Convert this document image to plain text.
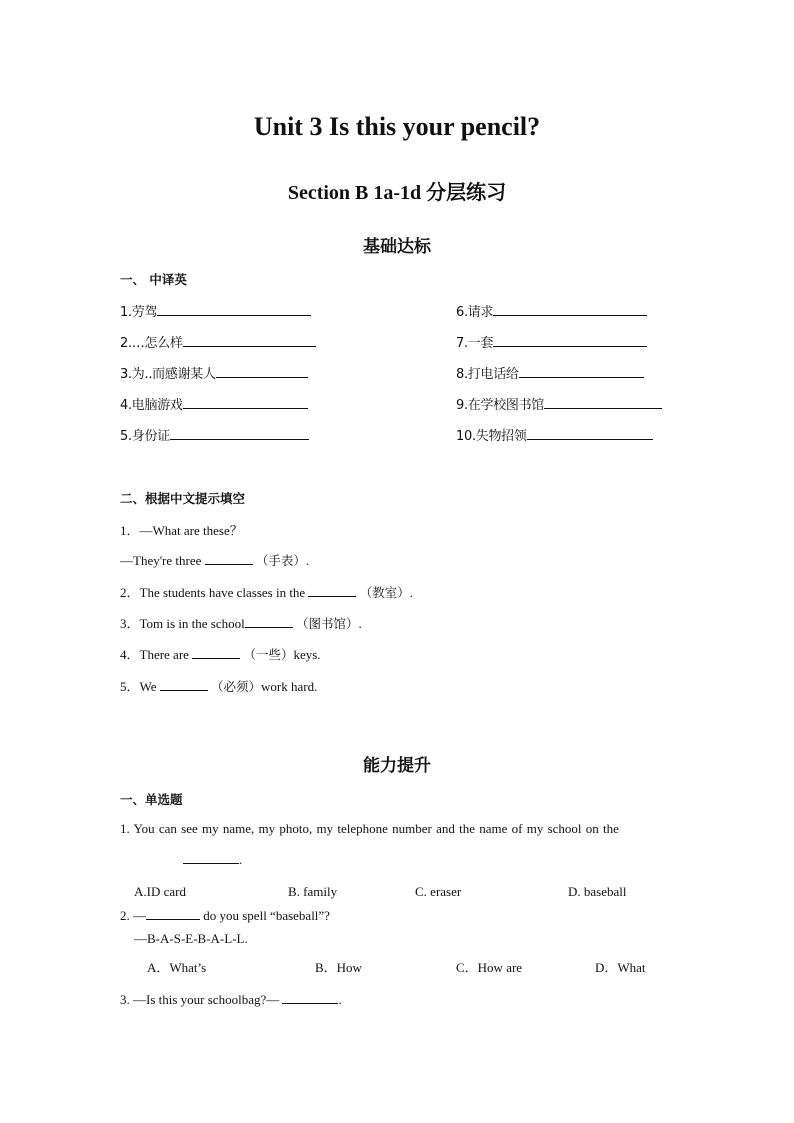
Unit 3 Is this your pencil?
Section B 1a-1d 分层练习
基础达标
一、 中译英
1.劳驾
2.…怎么样
3.为..而感谢某人
4.电脑游戏
5.身份证
6.请求
7.一套
8.打电话给
9.在学校图书馆
10.失物招领
二、根据中文提示填空
1．—What are these？
—They're three	（手表）.
2．The students have classes in the	（教室）.
3．Tom is in the school	（图书馆）.
4．There are	（一些）keys.
5．We	（必须）work hard.
能力提升
一、单选题
1. You can see my name, my photo, my telephone number and the name of my school on the
.
A.ID card	B. family	C. eraser	D. baseball
2. —	do you spell “baseball”?
—B-A-S-E-B-A-L-L.
A．What’s	B．How	C．How are	D．What
3. —Is this your schoolbag?—	.
